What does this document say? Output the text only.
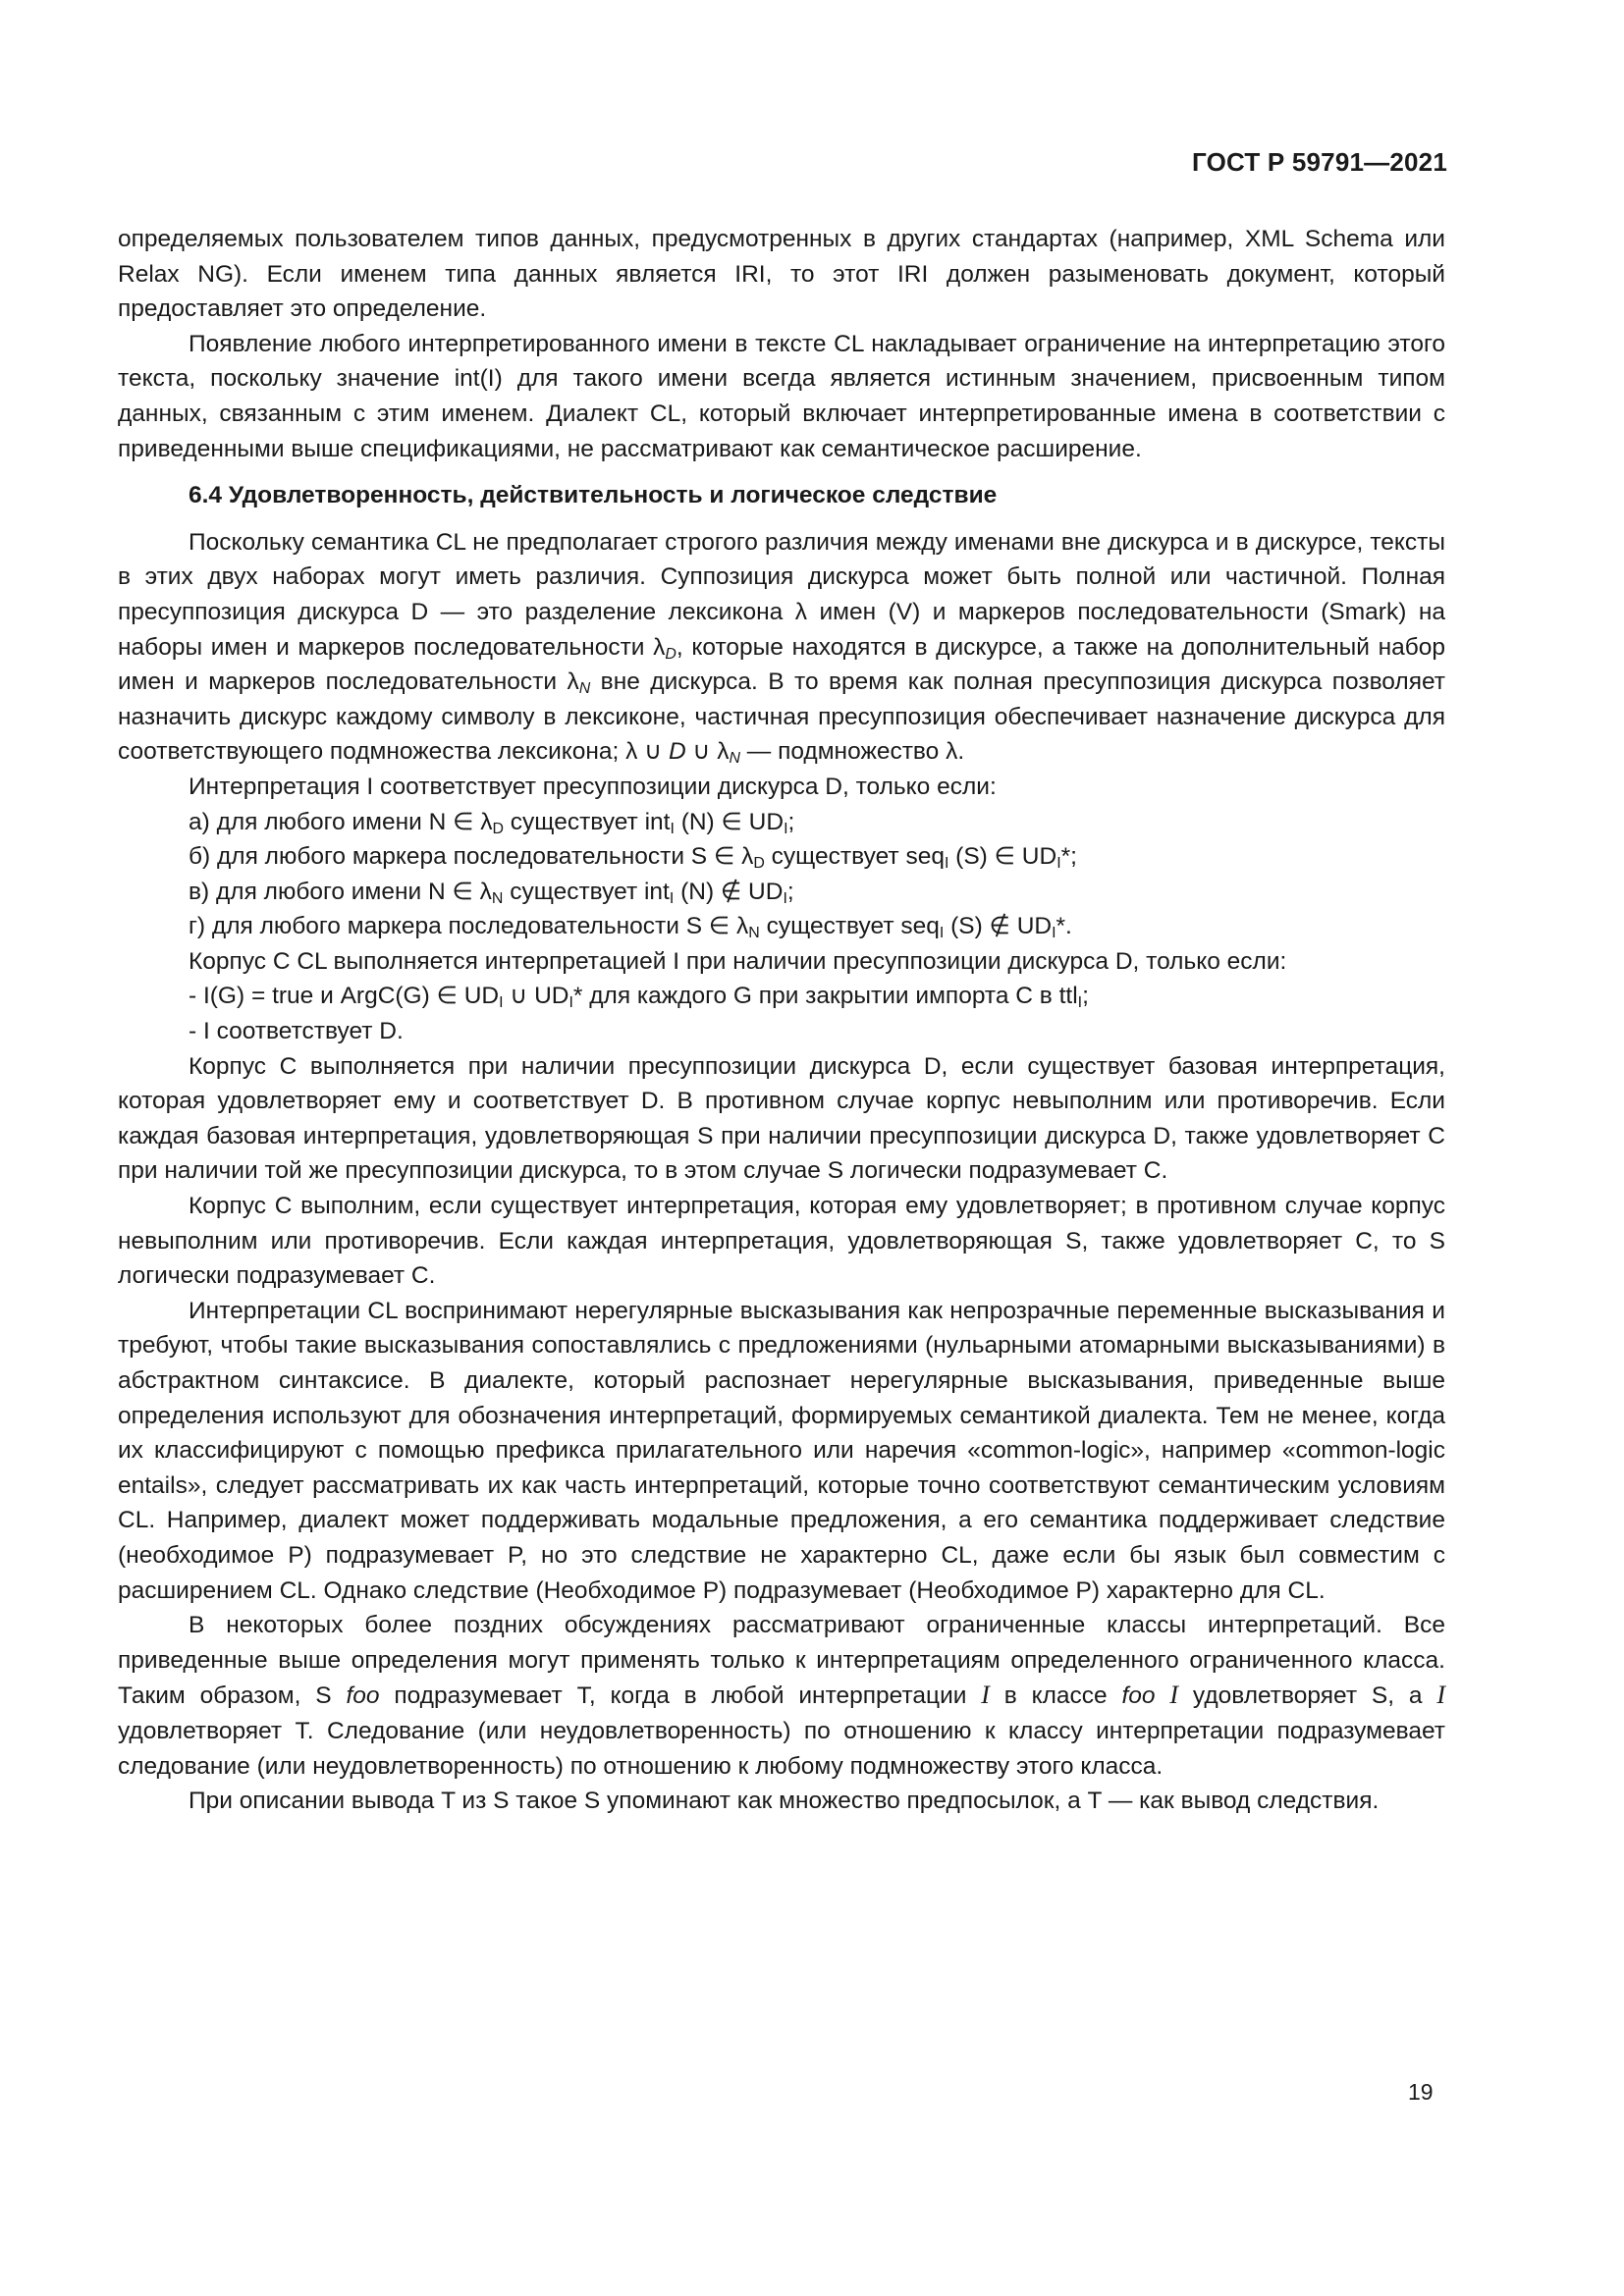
ГОСТ Р 59791—2021

определяемых пользователем типов данных, предусмотренных в других стандартах (например, XML Schema или Relax NG). Если именем типа данных является IRI, то этот IRI должен разыменовать документ, который предоставляет это определение.

Появление любого интерпретированного имени в тексте CL накладывает ограничение на интерпретацию этого текста, поскольку значение int(I) для такого имени всегда является истинным значением, присвоенным типом данных, связанным с этим именем. Диалект CL, который включает интерпретированные имена в соответствии с приведенными выше спецификациями, не рассматривают как семантическое расширение.

6.4 Удовлетворенность, действительность и логическое следствие

Поскольку семантика CL не предполагает строгого различия между именами вне дискурса и в дискурсе, тексты в этих двух наборах могут иметь различия. Суппозиция дискурса может быть полной или частичной. Полная пресуппозиция дискурса D — это разделение лексикона λ имен (V) и маркеров последовательности (Smark) на наборы имен и маркеров последовательности $\lambda_D$, которые находятся в дискурсе, а также на дополнительный набор имен и маркеров последовательности $\lambda_N$ вне дискурса. В то время как полная пресуппозиция дискурса позволяет назначить дискурс каждому символу в лексиконе, частичная пресуппозиция обеспечивает назначение дискурса для соответствующего подмножества лексикона; λ ∪ D ∪ $\lambda_N$ — подмножество λ.

Интерпретация I соответствует пресуппозиции дискурса D, только если:

а) для любого имени N ∈ $\lambda_D$ существует int$_I$ (N) ∈ $UD_I$;

б) для любого маркера последовательности S ∈ $\lambda_D$ существует seq$_I$ (S) ∈ $UD_I*$;

в) для любого имени N ∈ $\lambda_N$ существует int$_I$ (N) ∉ $UD_I$;

г) для любого маркера последовательности S ∈ $\lambda_N$ существует seq$_I$ (S) ∉ $UD_I*$.

Корпус C CL выполняется интерпретацией I при наличии пресуппозиции дискурса D, только если:

- I(G) = true и ArgC(G) ∈ $UD_I$ ∪ $UD_I*$ для каждого G при закрытии импорта C в ttl$_I$;

- I соответствует D.

Корпус C выполняется при наличии пресуппозиции дискурса D, если существует базовая интерпретация, которая удовлетворяет ему и соответствует D. В противном случае корпус невыполним или противоречив. Если каждая базовая интерпретация, удовлетворяющая S при наличии пресуппозиции дискурса D, также удовлетворяет C при наличии той же пресуппозиции дискурса, то в этом случае S логически подразумевает C.

Корпус C выполним, если существует интерпретация, которая ему удовлетворяет; в противном случае корпус невыполним или противоречив. Если каждая интерпретация, удовлетворяющая S, также удовлетворяет C, то S логически подразумевает C.

Интерпретации CL воспринимают нерегулярные высказывания как непрозрачные переменные высказывания и требуют, чтобы такие высказывания сопоставлялись с предложениями (нульарными атомарными высказываниями) в абстрактном синтаксисе. В диалекте, который распознает нерегулярные высказывания, приведенные выше определения используют для обозначения интерпретаций, формируемых семантикой диалекта. Тем не менее, когда их классифицируют с помощью префикса прилагательного или наречия «common-logic», например «common-logic entails», следует рассматривать их как часть интерпретаций, которые точно соответствуют семантическим условиям CL. Например, диалект может поддерживать модальные предложения, а его семантика поддерживает следствие (необходимое P) подразумевает P, но это следствие не характерно CL, даже если бы язык был совместим с расширением CL. Однако следствие (Необходимое P) подразумевает (Необходимое P) характерно для CL.

В некоторых более поздних обсуждениях рассматривают ограниченные классы интерпретаций. Все приведенные выше определения могут применять только к интерпретациям определенного ограниченного класса. Таким образом, S foo подразумевает T, когда в любой интерпретации I в классе foo I удовлетворяет S, а I удовлетворяет T. Следование (или неудовлетворенность) по отношению к классу интерпретации подразумевает следование (или неудовлетворенность) по отношению к любому подмножеству этого класса.

При описании вывода T из S такое S упоминают как множество предпосылок, а T — как вывод следствия.

19
